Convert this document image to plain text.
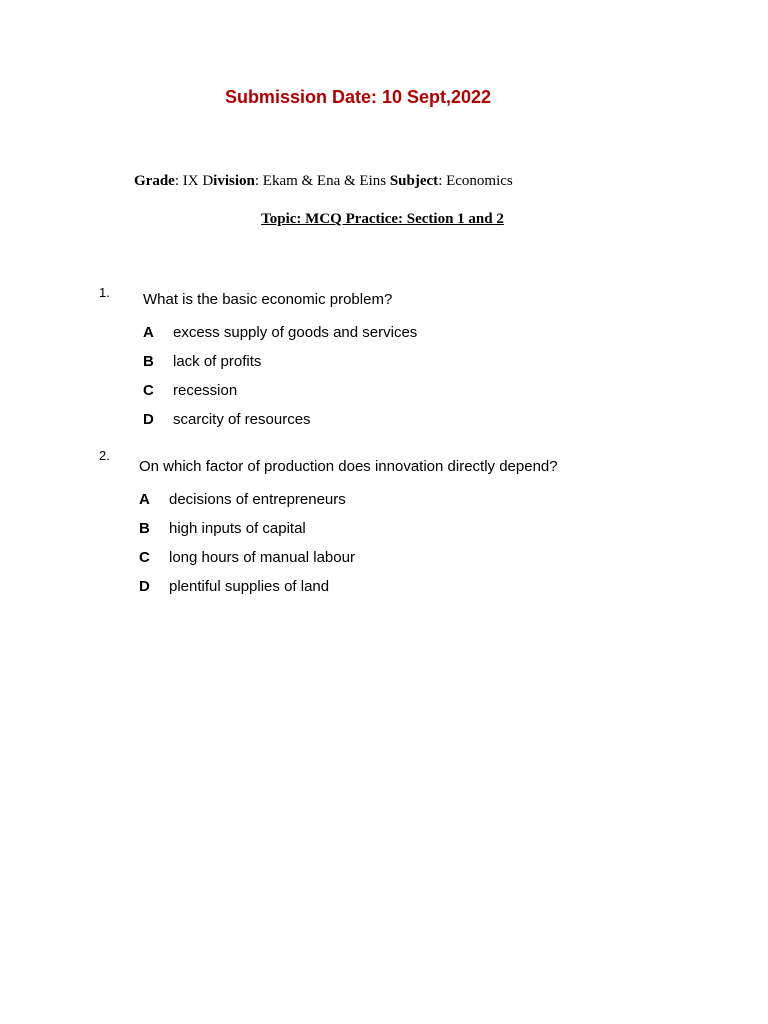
Submission Date: 10 Sept,2022
Grade: IX Division: Ekam & Ena & Eins Subject: Economics
Topic: MCQ Practice: Section 1 and 2
1. What is the basic economic problem?
A excess supply of goods and services
B lack of profits
C recession
D scarcity of resources
2.
On which factor of production does innovation directly depend?
A decisions of entrepreneurs
B high inputs of capital
C long hours of manual labour
D plentiful supplies of land
